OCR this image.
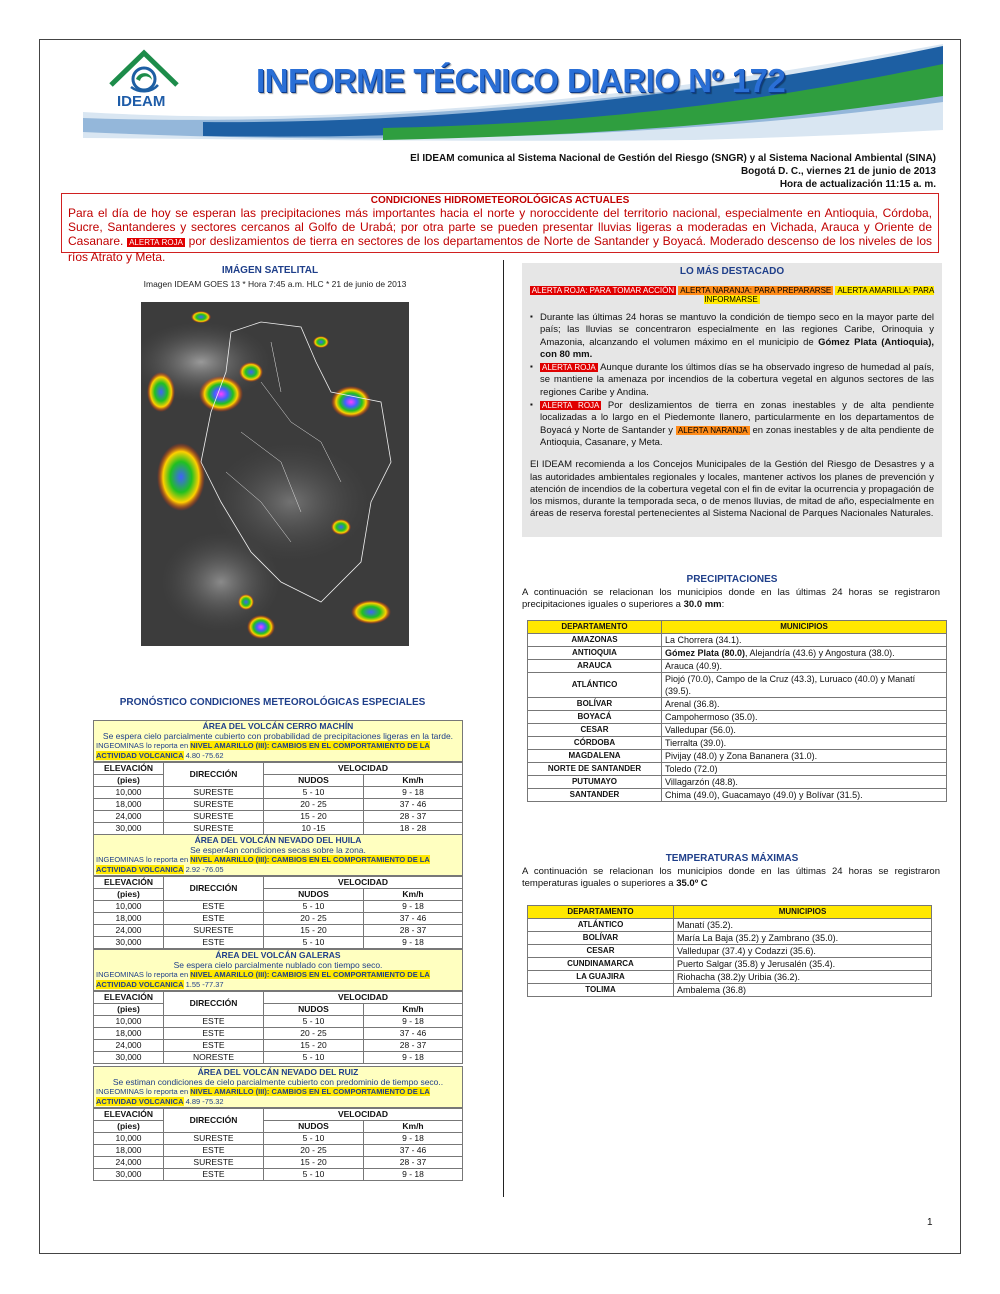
IDEAM
INFORME TÉCNICO DIARIO Nº 172
El IDEAM comunica al Sistema Nacional de Gestión del Riesgo (SNGR) y al Sistema Nacional Ambiental (SINA)
Bogotá D. C., viernes 21 de junio de 2013
Hora de actualización 11:15 a. m.
CONDICIONES HIDROMETEOROLÓGICAS ACTUALES
Para el día de hoy se esperan las precipitaciones más importantes hacia el norte y noroccidente del territorio nacional, especialmente en Antioquia, Córdoba, Sucre, Santanderes y sectores cercanos al Golfo de Urabá; por otra parte se pueden presentar lluvias ligeras a moderadas en Vichada, Arauca y Oriente de Casanare. ALERTA ROJA por deslizamientos de tierra en sectores de los departamentos de Norte de Santander y Boyacá. Moderado descenso de los niveles de los ríos Atrato y Meta.
IMÁGEN SATELITAL
Imagen IDEAM GOES 13 * Hora 7:45 a.m. HLC * 21 de junio de 2013
PRONÓSTICO CONDICIONES METEOROLÓGICAS ESPECIALES
ÁREA DEL VOLCÁN CERRO MACHÍN
Se espera cielo parcialmente cubierto con probabilidad de precipitaciones ligeras en la tarde.
INGEOMINAS lo reporta en NIVEL AMARILLO (III): CAMBIOS EN EL COMPORTAMIENTO DE LA ACTIVIDAD VOLCANICA 4.80 -75.62
ELEVACIÓN	DIRECCIÓN	VELOCIDAD	
(pies)		NUDOS	Km/h
10,000	SURESTE	5 - 10	9 - 18
18,000	SURESTE	20 - 25	37 - 46
24,000	SURESTE	15 - 20	28 - 37
30,000	SURESTE	10 -15	18 - 28
ÁREA DEL VOLCÁN NEVADO DEL HUILA
Se esper4an condiciones secas sobre la zona.
INGEOMINAS lo reporta en NIVEL AMARILLO (III): CAMBIOS EN EL COMPORTAMIENTO DE LA ACTIVIDAD VOLCANICA 2.92 -76.05
ELEVACIÓN	DIRECCIÓN	VELOCIDAD	
(pies)		NUDOS	Km/h
10,000	ESTE	5 - 10	9 - 18
18,000	ESTE	20 - 25	37 - 46
24,000	SURESTE	15 - 20	28 - 37
30,000	ESTE	5 - 10	9 - 18
ÁREA DEL VOLCÁN GALERAS
Se espera cielo parcialmente nublado con tiempo seco.
INGEOMINAS lo reporta en NIVEL AMARILLO (III): CAMBIOS EN EL COMPORTAMIENTO DE LA ACTIVIDAD VOLCANICA 1.55 -77.37
ELEVACIÓN	DIRECCIÓN	VELOCIDAD	
(pies)		NUDOS	Km/h
10,000	ESTE	5 - 10	9 - 18
18,000	ESTE	20 - 25	37 - 46
24,000	ESTE	15 - 20	28 - 37
30,000	NORESTE	5 - 10	9 - 18
ÁREA DEL VOLCÁN NEVADO DEL RUIZ
Se estiman condiciones de cielo parcialmente cubierto con predominio de tiempo seco..
INGEOMINAS lo reporta en NIVEL AMARILLO (III): CAMBIOS EN EL COMPORTAMIENTO DE LA ACTIVIDAD VOLCANICA 4.89 -75.32
ELEVACIÓN	DIRECCIÓN	VELOCIDAD	
(pies)		NUDOS	Km/h
10,000	SURESTE	5 - 10	9 - 18
18,000	ESTE	20 - 25	37 - 46
24,000	SURESTE	15 - 20	28 - 37
30,000	ESTE	5 - 10	9 - 18
LO MÁS DESTACADO
ALERTA ROJA: PARA TOMAR ACCIÓN ALERTA NARANJA: PARA PREPARARSE ALERTA AMARILLA: PARA INFORMARSE
▪ Durante las últimas 24 horas se mantuvo la condición de tiempo seco en la mayor parte del país; las lluvias se concentraron especialmente en las regiones Caribe, Orinoquia y Amazonia, alcanzando el volumen máximo en el municipio de Gómez Plata (Antioquia), con 80 mm.
▪ ALERTA ROJA Aunque durante los últimos días se ha observado ingreso de humedad al país, se mantiene la amenaza por incendios de la cobertura vegetal en algunos sectores de las regiones Caribe y Andina.
▪ ALERTA ROJA Por deslizamientos de tierra en zonas inestables y de alta pendiente localizadas a lo largo en el Piedemonte llanero, particularmente en los departamentos de Boyacá y Norte de Santander y ALERTA NARANJA en zonas inestables y de alta pendiente de Antioquia, Casanare, y Meta.
El IDEAM recomienda a los Concejos Municipales de la Gestión del Riesgo de Desastres y a las autoridades ambientales regionales y locales, mantener activos los planes de prevención y atención de incendios de la cobertura vegetal con el fin de evitar la ocurrencia y propagación de los mismos, durante la temporada seca, o de menos lluvias, de mitad de año, especialmente en áreas de reserva forestal pertenecientes al Sistema Nacional de Parques Nacionales Naturales.
PRECIPITACIONES
A continuación se relacionan los municipios donde en las últimas 24 horas se registraron precipitaciones iguales o superiores a 30.0 mm:
DEPARTAMENTO	MUNICIPIOS
AMAZONAS	La Chorrera (34.1).
ANTIOQUIA	Gómez Plata (80.0), Alejandría (43.6) y Angostura (38.0).
ARAUCA	Arauca (40.9).
ATLÁNTICO	Piojó (70.0), Campo de la Cruz (43.3), Luruaco (40.0) y Manatí (39.5).
BOLÍVAR	Arenal (36.8).
BOYACÁ	Campohermoso (35.0).
CESAR	Valledupar (56.0).
CÓRDOBA	Tierralta (39.0).
MAGDALENA	Pivijay (48.0) y Zona Bananera (31.0).
NORTE DE SANTANDER	Toledo (72.0)
PUTUMAYO	Villagarzón (48.8).
SANTANDER	Chima (49.0), Guacamayo (49.0) y Bolívar (31.5).
TEMPERATURAS MÁXIMAS
A continuación se relacionan los municipios donde en las últimas 24 horas se registraron temperaturas iguales o superiores a 35.0º C
DEPARTAMENTO	MUNICIPIOS
ATLÁNTICO	Manatí (35.2).
BOLÍVAR	María La Baja (35.2) y Zambrano (35.0).
CESAR	Valledupar (37.4) y Codazzi (35.6).
CUNDINAMARCA	Puerto Salgar (35.8) y Jerusalén (35.4).
LA GUAJIRA	Riohacha (38.2)y Uribia (36.2).
TOLIMA	Ambalema (36.8)
1
